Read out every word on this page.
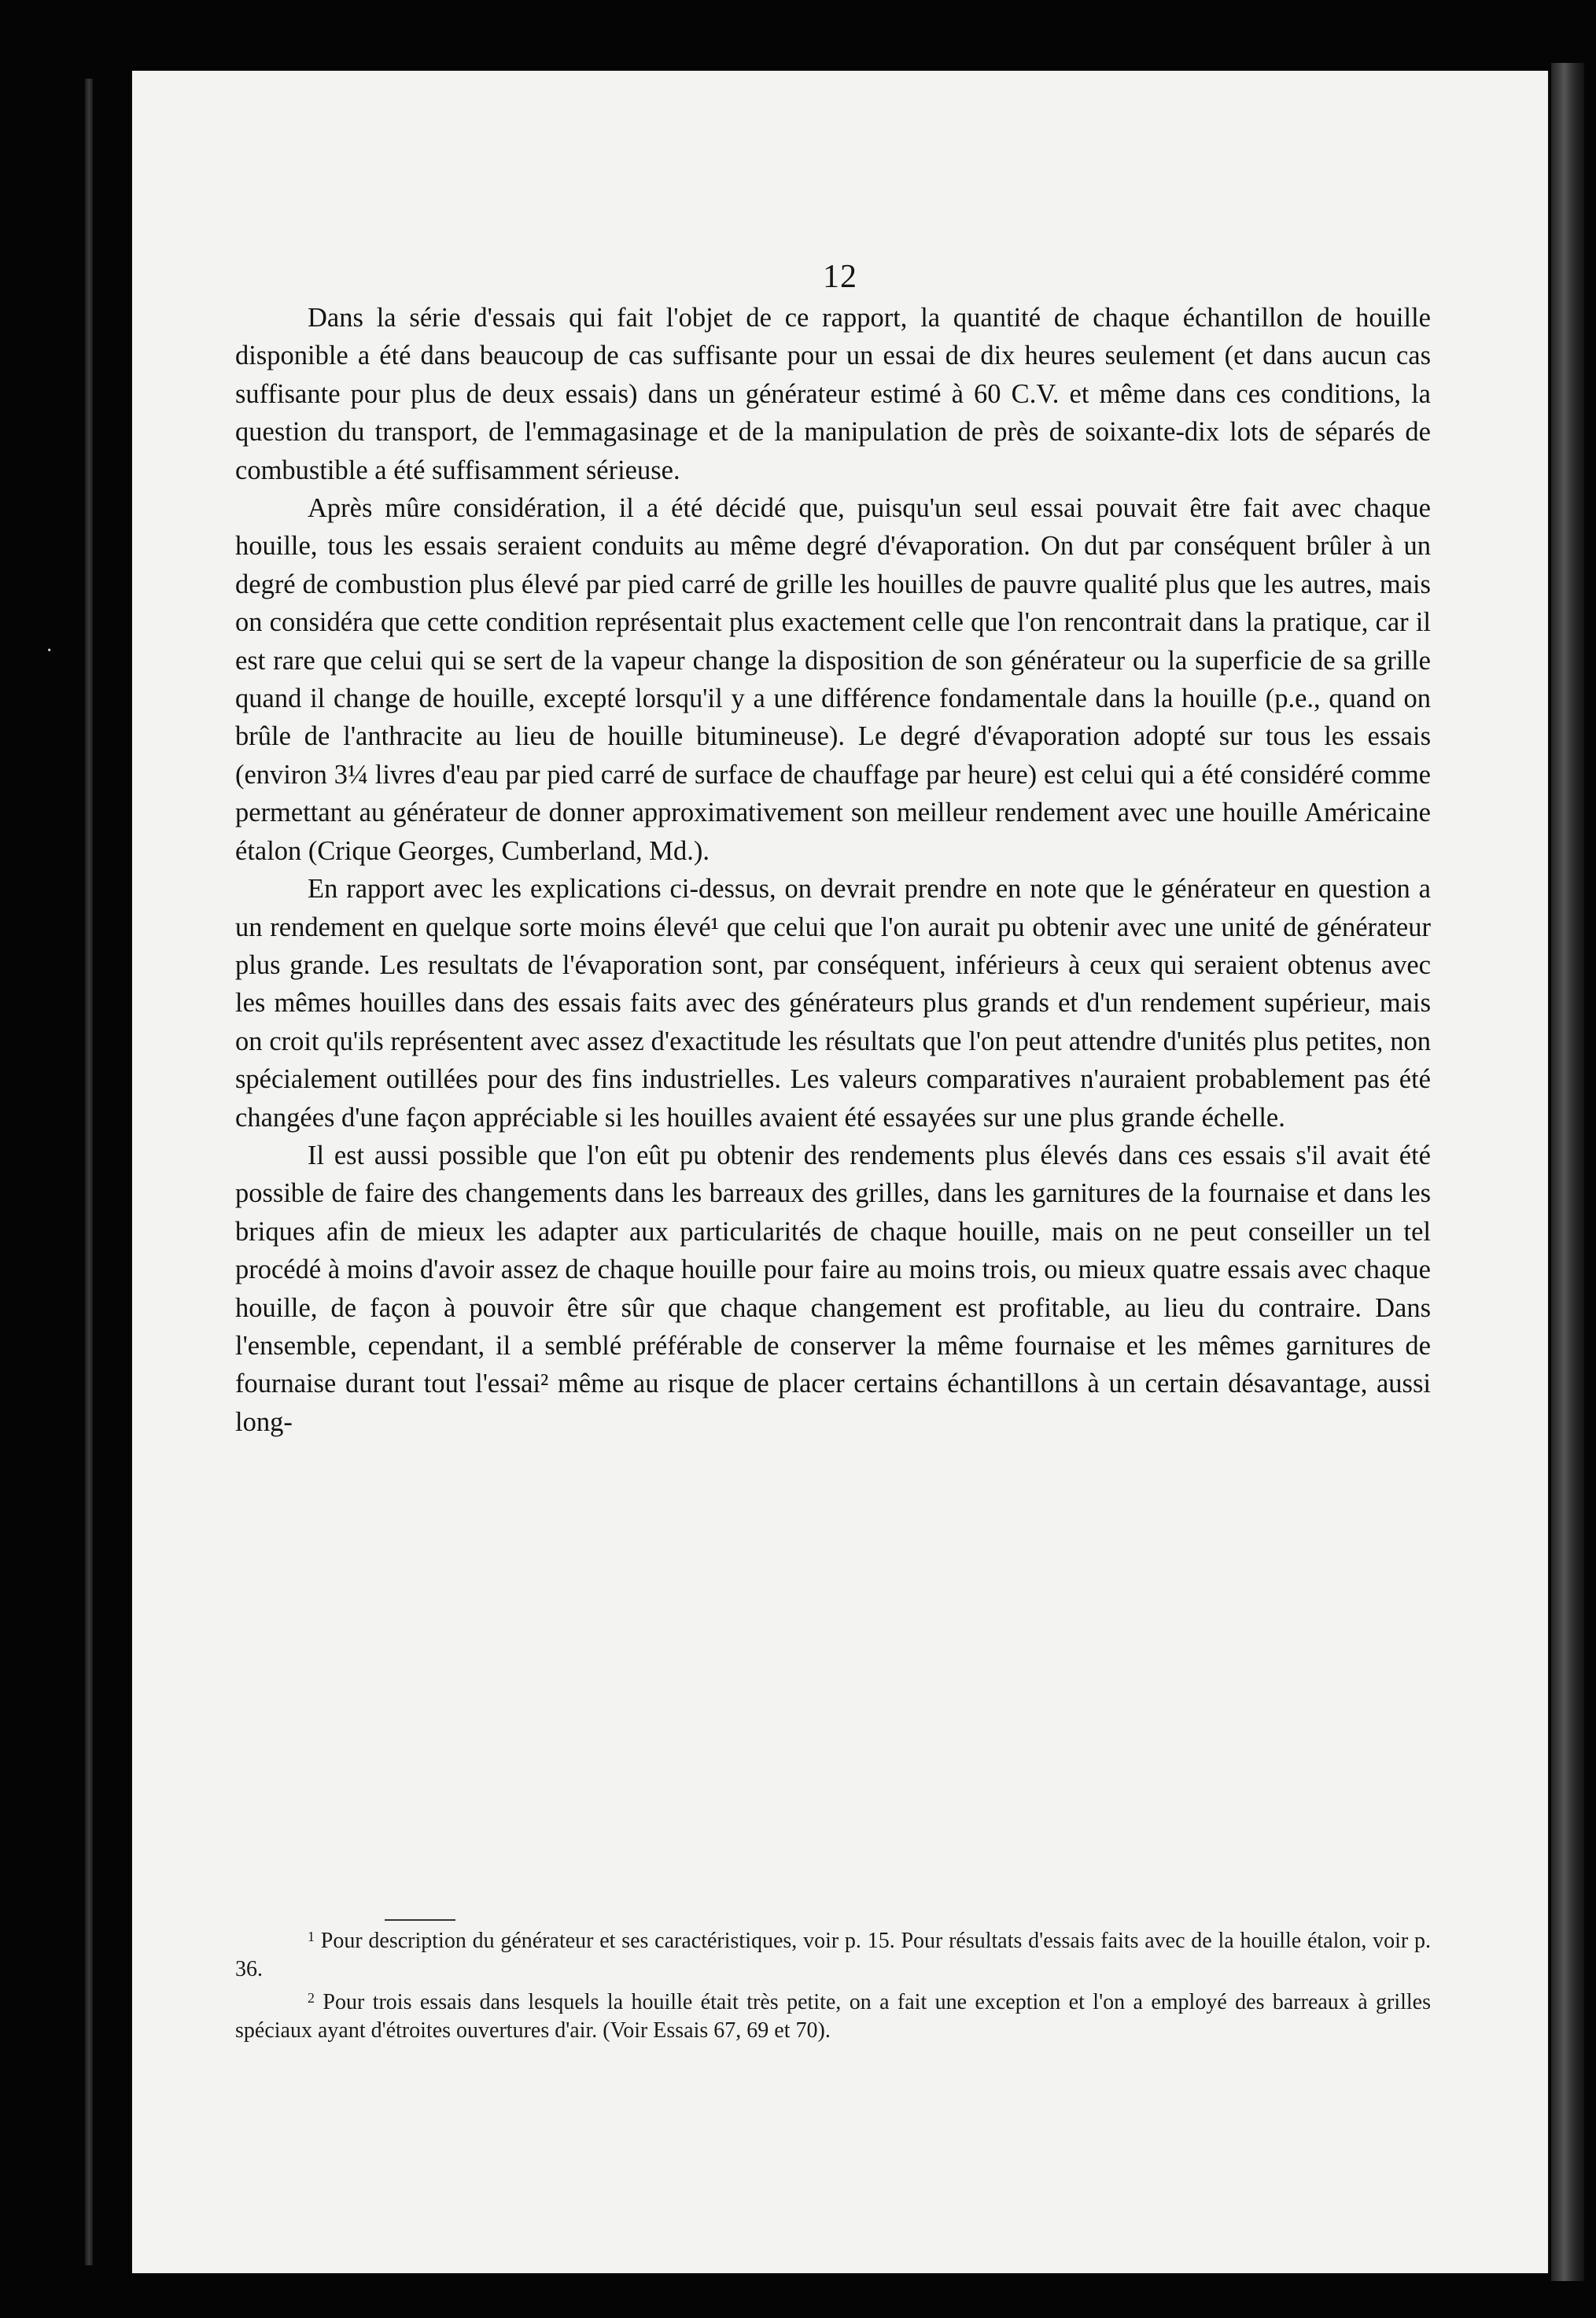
·
12

Dans la série d'essais qui fait l'objet de ce rapport, la quantité de chaque échantillon de houille disponible a été dans beaucoup de cas suffisante pour un essai de dix heures seulement (et dans aucun cas suffisante pour plus de deux essais) dans un générateur estimé à 60 C.V. et même dans ces conditions, la question du transport, de l'emmagasinage et de la manipulation de près de soixante-dix lots de séparés de combustible a été suffisamment sérieuse.

Après mûre considération, il a été décidé que, puisqu'un seul essai pouvait être fait avec chaque houille, tous les essais seraient conduits au même degré d'évaporation. On dut par conséquent brûler à un degré de combustion plus élevé par pied carré de grille les houilles de pauvre qualité plus que les autres, mais on considéra que cette condition représentait plus exactement celle que l'on rencontrait dans la pratique, car il est rare que celui qui se sert de la vapeur change la disposition de son générateur ou la superficie de sa grille quand il change de houille, excepté lorsqu'il y a une différence fondamentale dans la houille (p.e., quand on brûle de l'anthracite au lieu de houille bitumineuse). Le degré d'évaporation adopté sur tous les essais (environ 3¼ livres d'eau par pied carré de surface de chauffage par heure) est celui qui a été considéré comme permettant au générateur de donner approximativement son meilleur rendement avec une houille Américaine étalon (Crique Georges, Cumberland, Md.).

En rapport avec les explications ci-dessus, on devrait prendre en note que le générateur en question a un rendement en quelque sorte moins élevé¹ que celui que l'on aurait pu obtenir avec une unité de générateur plus grande. Les resultats de l'évaporation sont, par conséquent, inférieurs à ceux qui seraient obtenus avec les mêmes houilles dans des essais faits avec des générateurs plus grands et d'un rendement supérieur, mais on croit qu'ils représentent avec assez d'exactitude les résultats que l'on peut attendre d'unités plus petites, non spécialement outillées pour des fins industrielles. Les valeurs comparatives n'auraient probablement pas été changées d'une façon appréciable si les houilles avaient été essayées sur une plus grande échelle.

Il est aussi possible que l'on eût pu obtenir des rendements plus élevés dans ces essais s'il avait été possible de faire des changements dans les barreaux des grilles, dans les garnitures de la fournaise et dans les briques afin de mieux les adapter aux particularités de chaque houille, mais on ne peut conseiller un tel procédé à moins d'avoir assez de chaque houille pour faire au moins trois, ou mieux quatre essais avec chaque houille, de façon à pouvoir être sûr que chaque changement est profitable, au lieu du contraire. Dans l'ensemble, cependant, il a semblé préférable de conserver la même fournaise et les mêmes garnitures de fournaise durant tout l'essai² même au risque de placer certains échantillons à un certain désavantage, aussi long-

$^1$ Pour description du générateur et ses caractéristiques, voir p. 15. Pour résultats d'essais faits avec de la houille étalon, voir p. 36.

$^2$ Pour trois essais dans lesquels la houille était très petite, on a fait une exception et l'on a employé des barreaux à grilles spéciaux ayant d'étroites ouvertures d'air. (Voir Essais 67, 69 et 70).
